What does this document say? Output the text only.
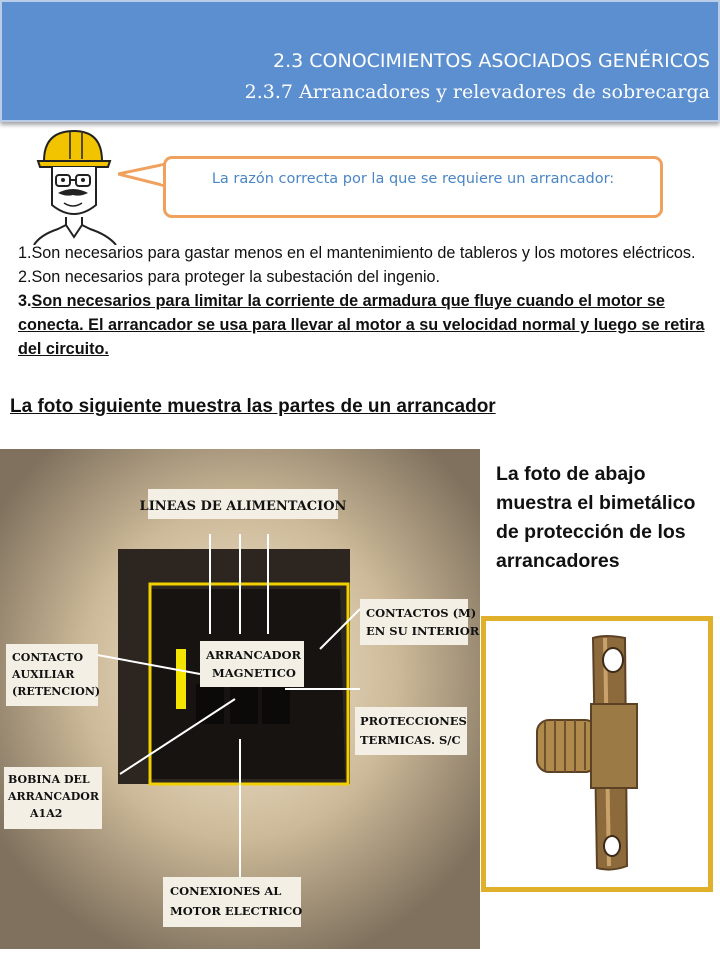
2.3 CONOCIMIENTOS ASOCIADOS GENÉRICOS
2.3.7 Arrancadores y relevadores de sobrecarga
La razón correcta por la que se requiere un arrancador:

1.Son necesarios para gastar menos en el mantenimiento de tableros y los motores eléctricos.

2.Son necesarios para proteger la subestación del ingenio.

3.Son necesarios para limitar la corriente de armadura que fluye cuando el motor se conecta. El arrancador se usa para llevar al motor a su velocidad normal y luego se retira del circuito.

La foto siguiente muestra las partes de un arrancador
LINEAS DE ALIMENTACION
CONTACTOS (M)
EN SU INTERIOR
CONTACTO
AUXILIAR
(RETENCION)
ARRANCADOR
MAGNETICO
PROTECCIONES
TERMICAS. S/C
BOBINA DEL
ARRANCADOR
A1A2
CONEXIONES AL
MOTOR ELECTRICO
La foto de abajo muestra el bimetálico de protección de los arrancadores
